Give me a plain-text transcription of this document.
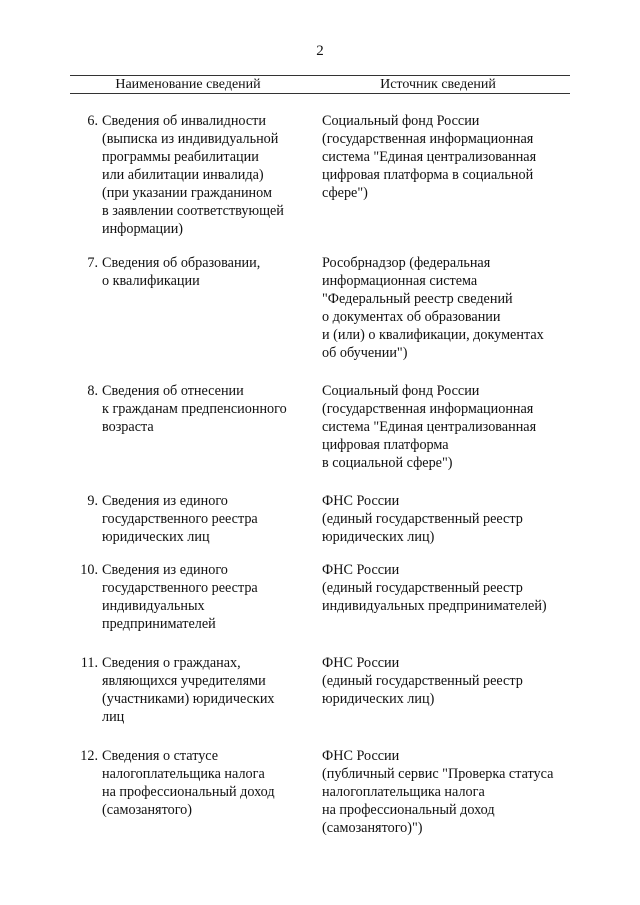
2
Наименование сведений	Источник сведений
6. Сведения об инвалидности
(выписка из индивидуальной
программы реабилитации
или абилитации инвалида)
(при указании гражданином
в заявлении соответствующей
информации)
Социальный фонд России
(государственная информационная
система "Единая централизованная
цифровая платформа в социальной
сфере")
7. Сведения об образовании,
о квалификации
Рособрнадзор (федеральная
информационная система
"Федеральный реестр сведений
о документах об образовании
и (или) о квалификации, документах
об обучении")
8. Сведения об отнесении
к гражданам предпенсионного
возраста
Социальный фонд России
(государственная информационная
система "Единая централизованная
цифровая платформа
в социальной сфере")
9. Сведения из единого
государственного реестра
юридических лиц
ФНС России
(единый государственный реестр
юридических лиц)
10. Сведения из единого
государственного реестра
индивидуальных
предпринимателей
ФНС России
(единый государственный реестр
индивидуальных предпринимателей)
11. Сведения о гражданах,
являющихся учредителями
(участниками) юридических
лиц
ФНС России
(единый государственный реестр
юридических лиц)
12. Сведения о статусе
налогоплательщика налога
на профессиональный доход
(самозанятого)
ФНС России
(публичный сервис "Проверка статуса
налогоплательщика налога
на профессиональный доход
(самозанятого)")
